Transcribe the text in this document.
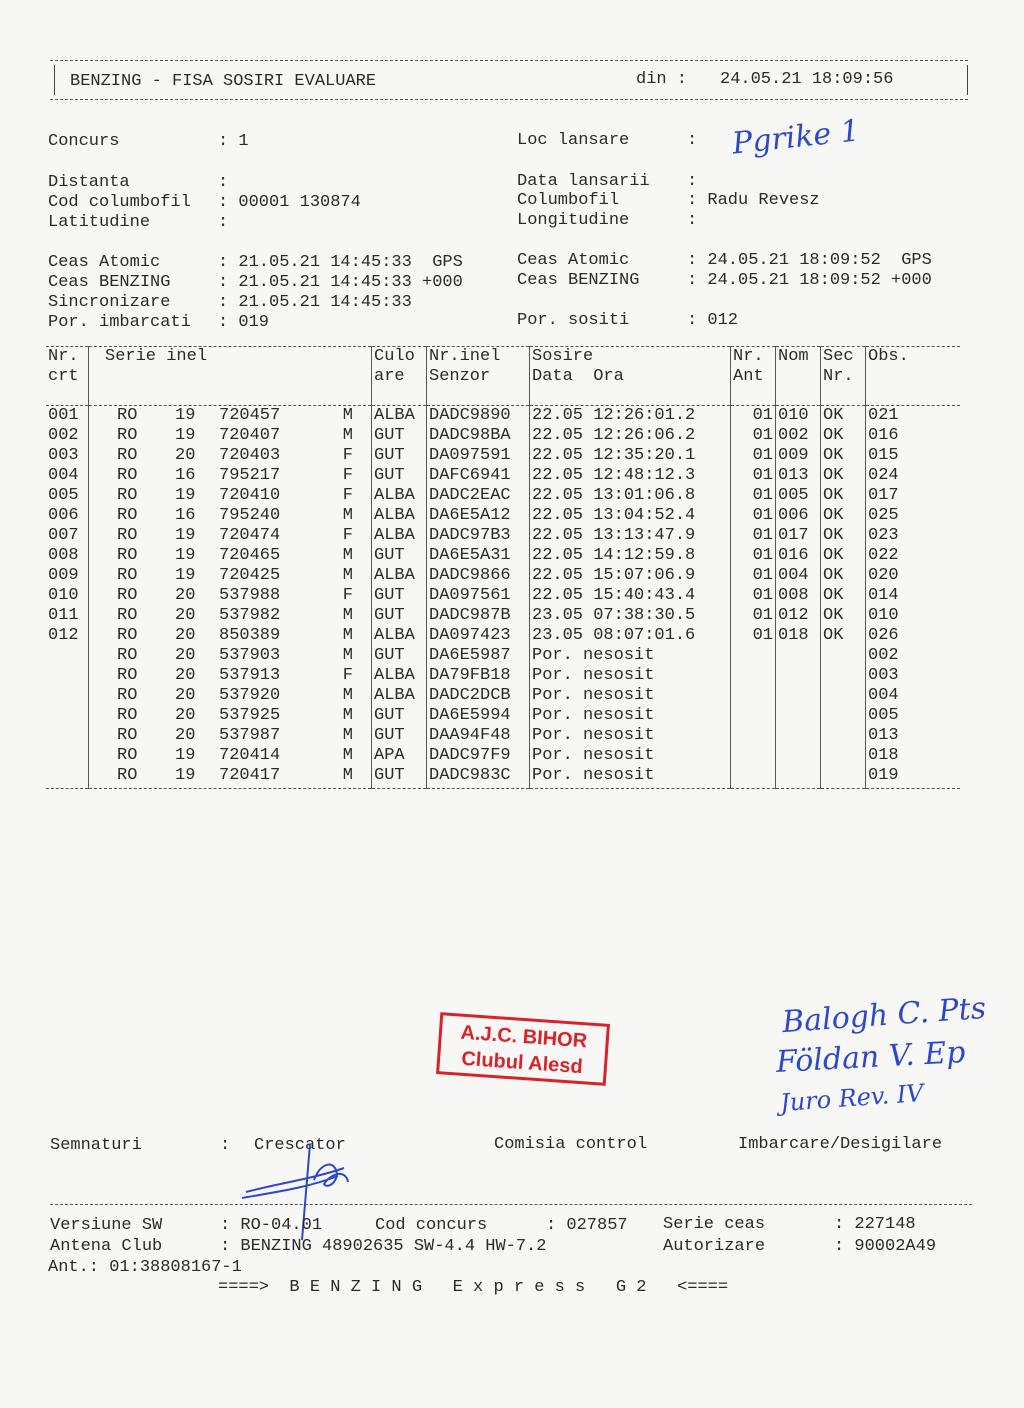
BENZING - FISA SOSIRI EVALUARE	din : 24.05.21 18:09:56
Concurs	: 1
Distanta	:
Cod columbofil : 00001 130874
Latitudine	:
Ceas Atomic	: 21.05.21 14:45:33  GPS
Ceas BENZING	: 21.05.21 14:45:33 +000
Sincronizare	: 21.05.21 14:45:33
Por. imbarcati : 019
Loc lansare	: Pgrike 1
Data lansarii :
Columbofil	: Radu Revesz
Longitudine	:
Ceas Atomic	: 24.05.21 18:09:52  GPS
Ceas BENZING	: 24.05.21 18:09:52 +000
Por. sositi	: 012
Nr.	Serie inel	Culo	Nr.inel	Sosire	Nr.	Nom	Sec	Obs.
crt		are	Senzor	Data  Ora	Ant		Nr.	
001	RO 19 720457 M	ALBA	DADC9890	22.05 12:26:01.2	01	010	OK	021
002	RO 19 720407 M	GUT	DADC98BA	22.05 12:26:06.2	01	002	OK	016
003	RO 20 720403 F	GUT	DA097591	22.05 12:35:20.1	01	009	OK	015
004	RO 16 795217 F	GUT	DAFC6941	22.05 12:48:12.3	01	013	OK	024
005	RO 19 720410 F	ALBA	DADC2EAC	22.05 13:01:06.8	01	005	OK	017
006	RO 16 795240 M	ALBA	DA6E5A12	22.05 13:04:52.4	01	006	OK	025
007	RO 19 720474 F	ALBA	DADC97B3	22.05 13:13:47.9	01	017	OK	023
008	RO 19 720465 M	GUT	DA6E5A31	22.05 14:12:59.8	01	016	OK	022
009	RO 19 720425 M	ALBA	DADC9866	22.05 15:07:06.9	01	004	OK	020
010	RO 20 537988 F	GUT	DA097561	22.05 15:40:43.4	01	008	OK	014
011	RO 20 537982 M	GUT	DADC987B	23.05 07:38:30.5	01	012	OK	010
012	RO 20 850389 M	ALBA	DA097423	23.05 08:07:01.6	01	018	OK	026
	RO 20 537903 M	GUT	DA6E5987	Por. nesosit				002
	RO 20 537913 F	ALBA	DA79FB18	Por. nesosit				003
	RO 20 537920 M	ALBA	DADC2DCB	Por. nesosit				004
	RO 20 537925 M	GUT	DA6E5994	Por. nesosit				005
	RO 20 537987 M	GUT	DAA94F48	Por. nesosit				013
	RO 19 720414 M	APA	DADC97F9	Por. nesosit				018
	RO 19 720417 M	GUT	DADC983C	Por. nesosit				019
A.J.C. BIHOR
Clubul Alesd
Balogh C. Pts
Földan V. Ep
Juro Rev. IV
Semnaturi	: Crescator	Comisia control	Imbarcare/Desigilare
Versiune SW	: RO-04.01	Cod concurs	: 027857 Serie ceas	: 227148
Antena Club	: BENZING 48902635 SW-4.4 HW-7.2	Autorizare	: 90002A49
Ant.: 01:38808167-1
====>  B E N Z I N G   E x p r e s s   G 2   <====
